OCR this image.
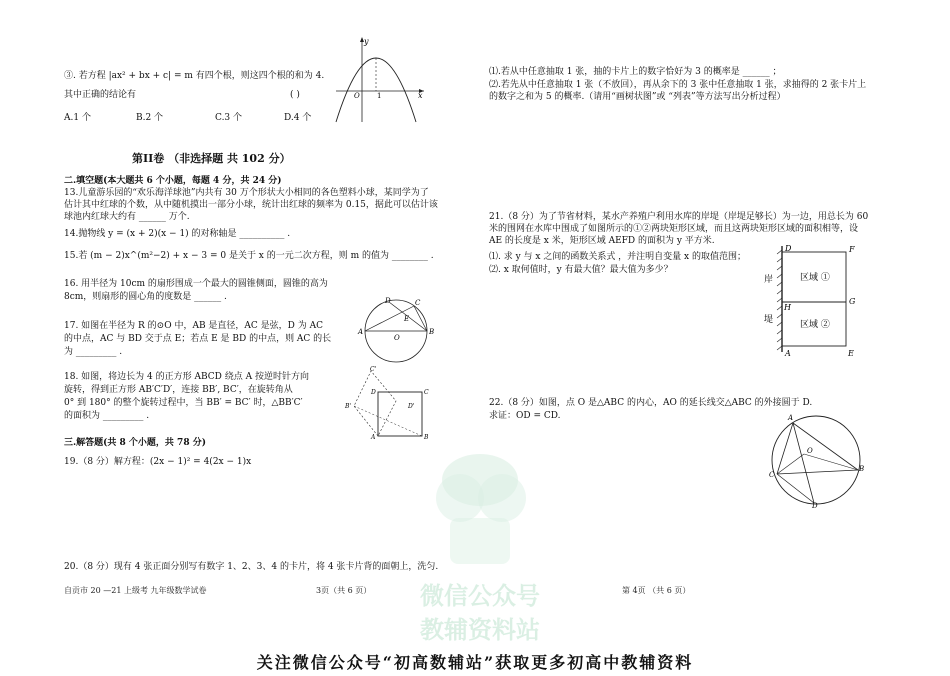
③. 若方程 |ax² + bx + c| = m 有四个根，则这四个根的和为 4.
其中正确的结论有	( )
y
x
O 1
A.1 个	B.2 个	C.3 个	D.4 个
第II卷 （非选择题 共 102 分）
二.填空题(本大题共 6 个小题，每题 4 分，共 24 分)
13.儿童游乐园的“欢乐海洋球池”内共有 30 万个形状大小相同的各色塑料小球，某同学为了
估计其中红球的个数，从中随机摸出一部分小球，统计出红球的频率为 0.15，据此可以估计该
球池内红球大约有 ______ 万个.
14.抛物线 y = (x + 2)(x − 1) 的对称轴是 __________ .
15.若 (m − 2)x^(m²−2) + x − 3 = 0 是关于 x 的一元二次方程，则 m 的值为 ________ .
16. 用半径为 10cm 的扇形围成一个最大的圆锥侧面，圆锥的高为
8cm，则扇形的圆心角的度数是 ______ .
17. 如图在半径为 R 的⊙O 中，AB 是直径，AC 是弦，D 为 AC
的中点，AC 与 BD 交于点 E；若点 E 是 BD 的中点，则 AC 的长
为 _________ .
A	B
C
D
E
O
18. 如图，将边长为 4 的正方形 ABCD 绕点 A 按逆时针方向
旋转，得到正方形 AB′C′D′，连接 BB′, BC′，在旋转角从
0° 到 180° 的整个旋转过程中，当 BB′ = BC′ 时，△BB′C′
的面积为 _________ .
A	B
C
D
B'
C'
D'
三.解答题(共 8 个小题，共 78 分)
19.（8 分）解方程：(2x − 1)² = 4(2x − 1)x
20.（8 分）现有 4 张正面分别写有数字 1、2、3、4 的卡片，将 4 张卡片背的面朝上，洗匀.
⑴.若从中任意抽取 1 张，抽的卡片上的数字恰好为 3 的概率是 ______ ；
⑵.若先从中任意抽取 1 张（不放回），再从余下的 3 张中任意抽取 1 张，求抽得的 2 张卡片上
的数字之和为 5 的概率.（请用“画树状图”或 “列表”等方法写出分析过程）
21.（8 分）为了节省材料，某水产养殖户利用水库的岸堤（岸堤足够长）为一边，用总长为 60
米的围网在水库中围成了如图所示的①②两块矩形区域，而且这两块矩形区域的面积相等，设
AE 的长度是 x 米，矩形区域 AEFD 的面积为 y 平方米.
⑴. 求 y 与 x 之间的函数关系式 ，并注明自变量 x 的取值范围；
⑵. x 取何值时，y 有最大值？最大值为多少？
D	F
H
G
A	E
岸
堤
区域 ①
区域 ②
22.（8 分）如图，点 O 是△ABC 的内心，AO 的延长线交△ABC 的外接圆于 D.
求证：OD = CD.	A
B
C
D
O
自贡市 20 —21 上级考 九年级数学试卷	3页（共 6 页）	第 4页 （共 6 页）
微信公众号
教辅资料站
关注微信公众号“初高数辅站”获取更多初高中教辅资料
